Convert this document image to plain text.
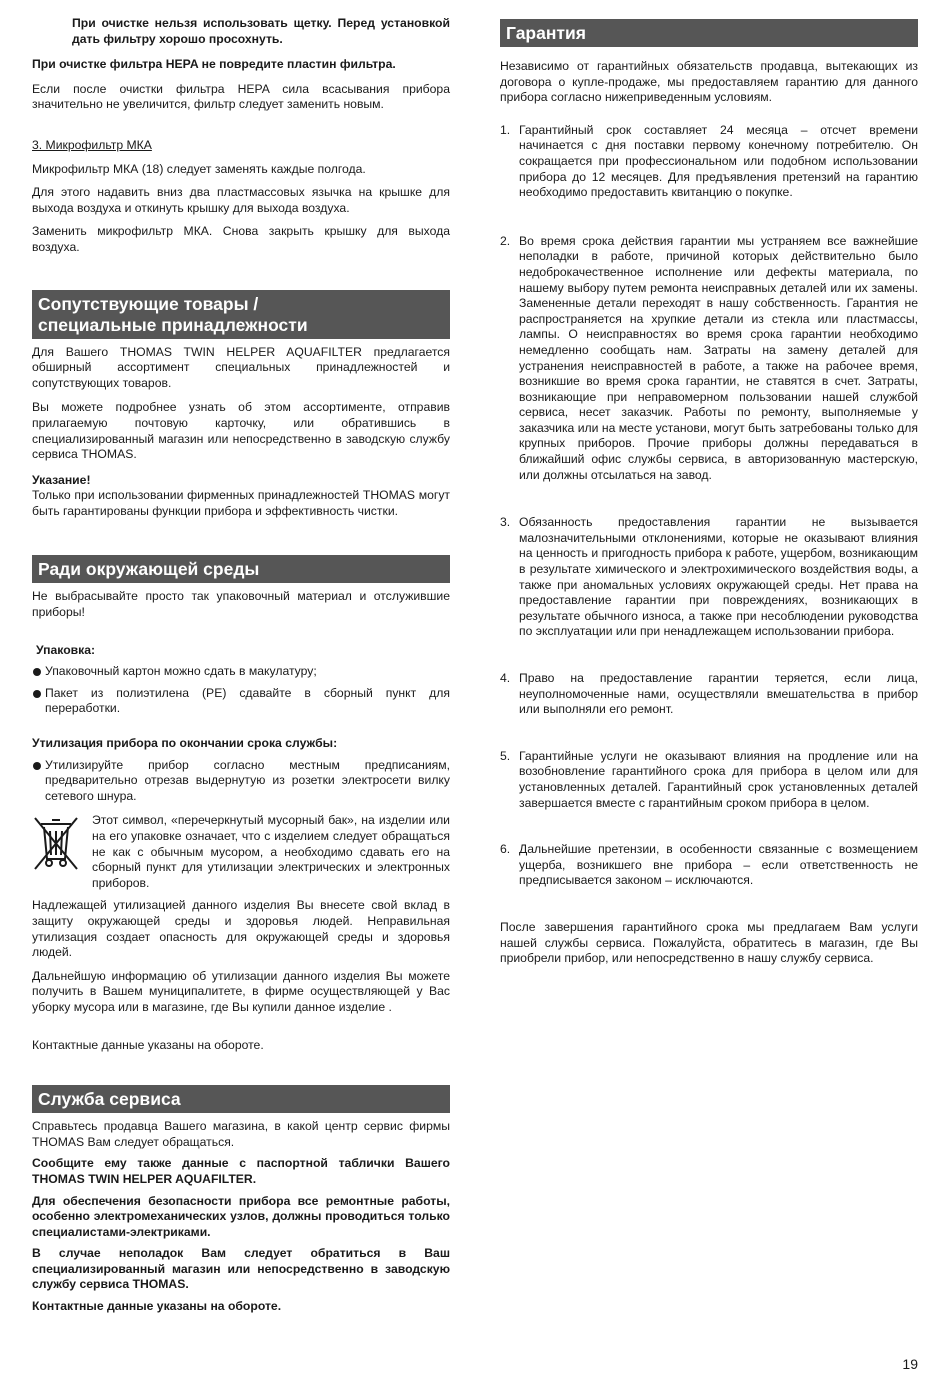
При очистке нельзя использовать щетку. Перед установкой дать фильтру хорошо просохнуть.

При очистке фильтра HEPA не повредите пластин фильтра.

Если после очистки фильтра HEPA сила всасывания прибора значительно не увеличится, фильтр следует заменить новым.

3. Микрофильтр МКА

Микрофильтр МКА (18) следует заменять каждые полгода.

Для этого надавить вниз два пластмассовых язычка на крышке для выхода воздуха и откинуть крышку для выхода воздуха.

Заменить микрофильтр МКА. Снова закрыть крышку для выхода воздуха.

Сопутствующие товары /
специальные принадлежности

Для Вашего THOMAS TWIN HELPER AQUAFILTER предлагается обширный ассортимент специальных принадлежностей и сопутствующих товаров.

Вы можете подробнее узнать об этом ассортименте, отправив прилагаемую почтовую карточку, или обратившись в специализированный магазин или непосредственно в заводскую службу сервиса THOMAS.

Указание!

Только при использовании фирменных принадлежностей THOMAS могут быть гарантированы функции прибора и эффективность чистки.

Ради окружающей среды

Не выбрасывайте просто так упаковочный материал и отслужившие приборы!

Упаковка:

Упаковочный картон можно сдать в макулатуру;
Пакет из полиэтилена (PE) сдавайте в сборный пункт для переработки.

Утилизация прибора по окончании срока службы:

Утилизируйте прибор согласно местным предписаниям, предварительно отрезав выдернутую из розетки электросети вилку сетевого шнура.

Этот символ, «перечеркнутый мусорный бак», на изделии или на его упаковке означает, что с изделием следует обращаться не как с обычным мусором, а необходимо сдавать его на сборный пункт для утилизации электрических и электронных приборов.

Надлежащей утилизацией данного изделия Вы внесете свой вклад в защиту окружающей среды и здоровья людей. Неправильная утилизация создает опасность для окружающей среды и здоровья людей.

Дальнейшую информацию об утилизации данного изделия Вы можете получить в Вашем муниципалитете, в фирме осуществляющей у Вас уборку мусора или в магазине, где Вы купили данное изделие .

Контактные данные указаны на обороте.

Служба сервиса

Справьтесь продавца Вашего магазина, в какой центр сервис фирмы THOMAS Вам следует обращаться.

Сообщите ему также данные с паспортной таблички Вашего THOMAS TWIN HELPER AQUAFILTER.

Для обеспечения безопасности прибора все ремонтные работы, особенно электромеханических узлов, должны проводиться только специалистами-электриками.

В случае неполадок Вам следует обратиться в Ваш специализированный магазин или непосредственно в заводскую службу сервиса THOMAS.

Контактные данные указаны на обороте.

Гарантия

Независимо от гарантийных обязательств продавца, вытекающих из договора о купле-продаже, мы предоставляем гарантию для данного прибора согласно нижеприведенным условиям.

1. Гарантийный срок составляет 24 месяца – отсчет времени начинается с дня поставки первому конечному потребителю. Он сокращается при профессиональном или подобном использовании прибора до 12 месяцев. Для предъявления претензий на гарантию необходимо предоставить квитанцию о покупке.
2. Во время срока действия гарантии мы устраняем все важнейшие неполадки в работе, причиной которых действительно было недоброкачественное исполнение или дефекты материала, по нашему выбору путем ремонта неисправных деталей или их замены. Замененные детали переходят в нашу собственность. Гарантия не распространяется на хрупкие детали из стекла или пластмассы, лампы. О неисправностях во время срока гарантии необходимо немедленно сообщать нам. Затраты на замену деталей для устранения неисправностей в работе, а также на рабочее время, возникшие во время срока гарантии, не ставятся в счет. Затраты, возникающие при неправомерном пользовании нашей службой сервиса, несет заказчик. Работы по ремонту, выполняемые у заказчика или на месте установи, могут быть затребованы только для крупных приборов. Прочие приборы должны передаваться в ближайший офис службы сервиса, в авторизованную мастерскую, или должны отсылаться на завод.
3. Обязанность предоставления гарантии не вызывается малозначительными отклонениями, которые не оказывают влияния на ценность и пригодность прибора к работе, ущербом, возникающим в результате химического и электрохимического воздействия воды, а также при аномальных условиях окружающей среды. Нет права на предоставление гарантии при повреждениях, возникающих в результате обычного износа, а также при несоблюдении руководства по эксплуатации или при ненадлежащем использовании прибора.
4. Право на предоставление гарантии теряется, если лица, неуполномоченные нами, осуществляли вмешательства в прибор или выполняли его ремонт.
5. Гарантийные услуги не оказывают влияния на продление или на возобновление гарантийного срока для прибора в целом или для установленных деталей. Гарантийный срок установленных деталей завершается вместе с гарантийным сроком прибора в целом.
6. Дальнейшие претензии, в особенности связанные с возмещением ущерба, возникшего вне прибора – если ответственность не предписывается законом – исключаются.

После завершения гарантийного срока мы предлагаем Вам услуги нашей службы сервиса. Пожалуйста, обратитесь в магазин, где Вы приобрели прибор, или непосредственно в нашу службу сервиса.

19
